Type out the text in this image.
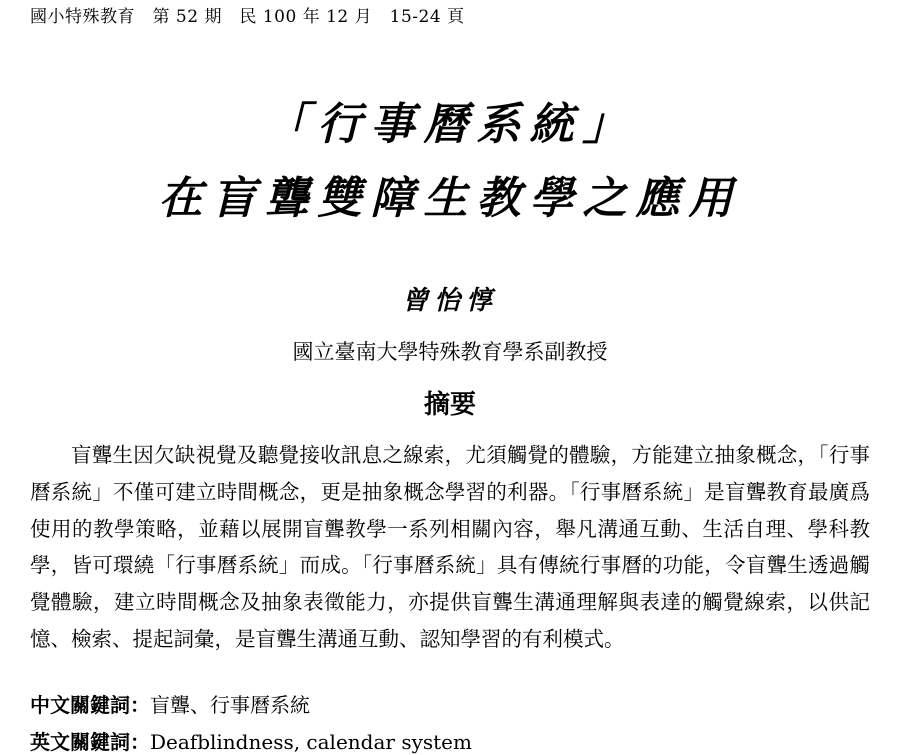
國小特殊教育　第 52 期　民 100 年 12 月　15-24 頁
「行事曆系統」
在盲聾雙障生教學之應用
曾怡惇
國立臺南大學特殊教育學系副教授
摘要
盲聾生因欠缺視覺及聽覺接收訊息之線索，尤須觸覺的體驗，方能建立抽象概念，「行事曆系統」不僅可建立時間概念，更是抽象概念學習的利器。「行事曆系統」是盲聾教育最廣爲使用的教學策略，並藉以展開盲聾教學一系列相關內容，舉凡溝通互動、生活自理、學科教學，皆可環繞「行事曆系統」而成。「行事曆系統」具有傳統行事曆的功能，令盲聾生透過觸覺體驗，建立時間概念及抽象表徵能力，亦提供盲聾生溝通理解與表達的觸覺線索，以供記憶、檢索、提起詞彙，是盲聾生溝通互動、認知學習的有利模式。
中文關鍵詞：盲聾、行事曆系統
英文關鍵詞：Deafblindness, calendar system
